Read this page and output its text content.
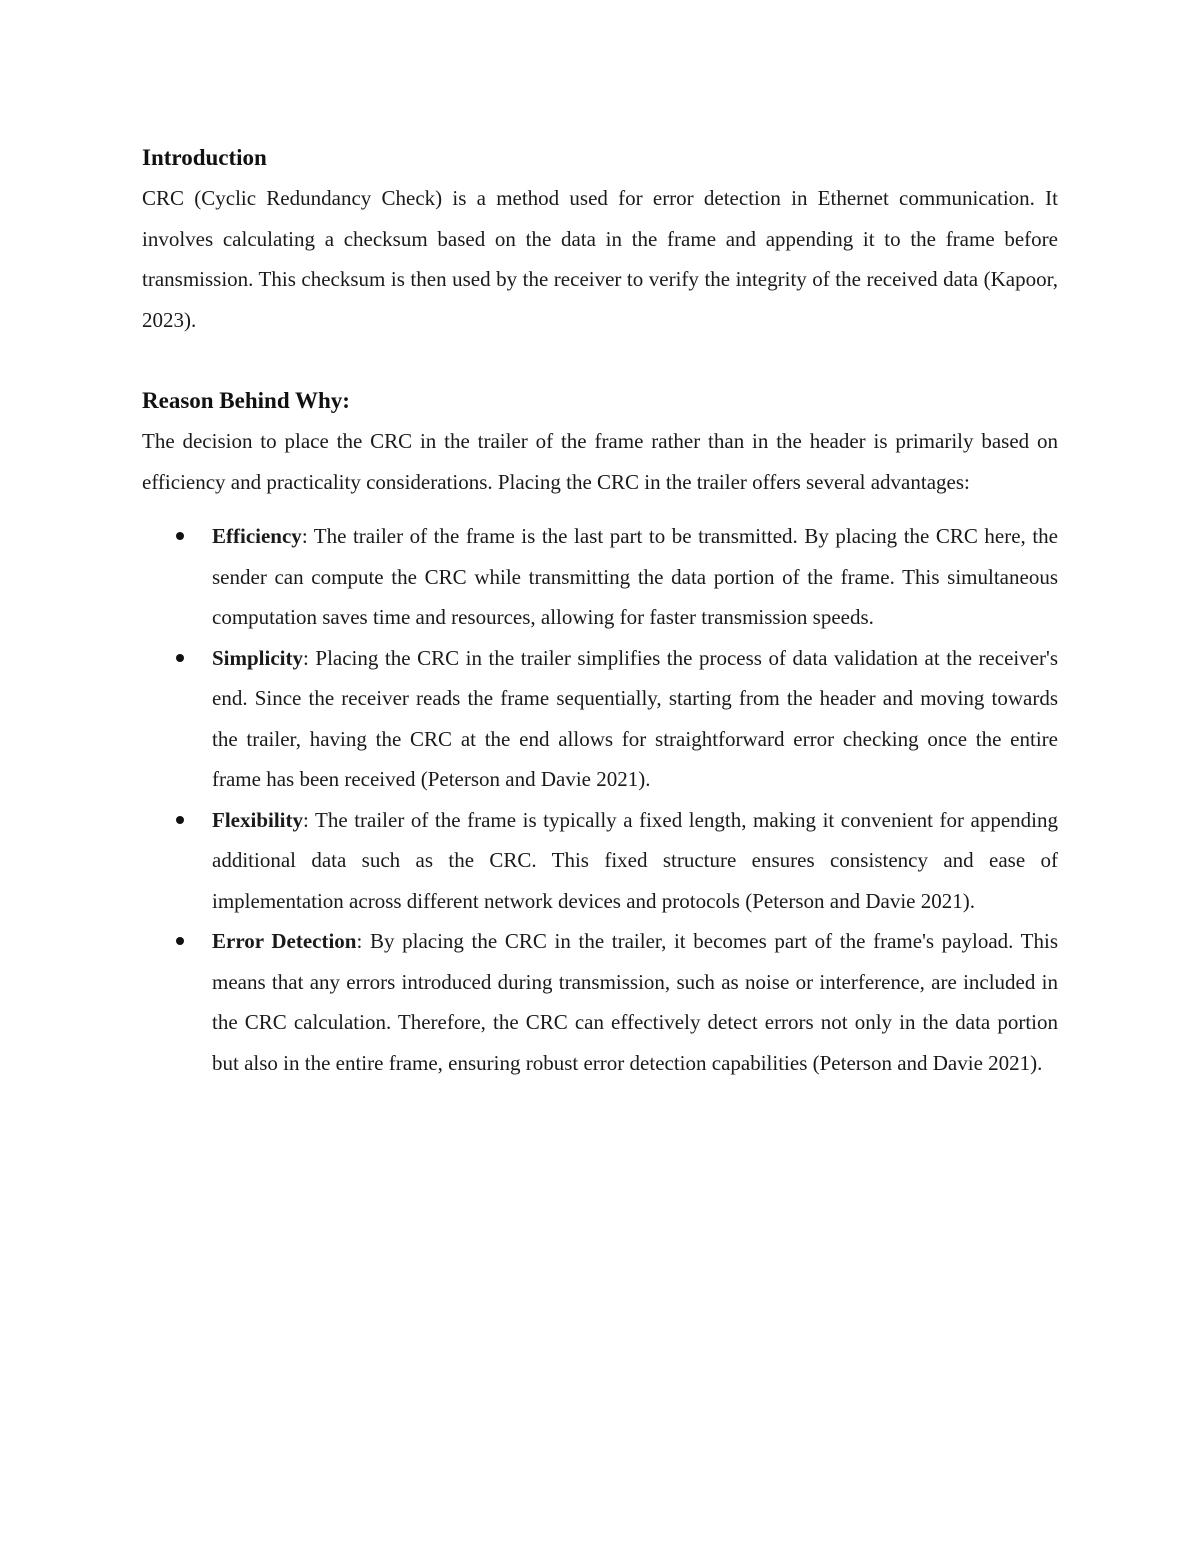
Introduction

CRC (Cyclic Redundancy Check) is a method used for error detection in Ethernet communication. It involves calculating a checksum based on the data in the frame and appending it to the frame before transmission. This checksum is then used by the receiver to verify the integrity of the received data (Kapoor, 2023).

Reason Behind Why:

The decision to place the CRC in the trailer of the frame rather than in the header is primarily based on efficiency and practicality considerations. Placing the CRC in the trailer offers several advantages:

Efficiency: The trailer of the frame is the last part to be transmitted. By placing the CRC here, the sender can compute the CRC while transmitting the data portion of the frame. This simultaneous computation saves time and resources, allowing for faster transmission speeds.
Simplicity: Placing the CRC in the trailer simplifies the process of data validation at the receiver's end. Since the receiver reads the frame sequentially, starting from the header and moving towards the trailer, having the CRC at the end allows for straightforward error checking once the entire frame has been received (Peterson and Davie 2021).
Flexibility: The trailer of the frame is typically a fixed length, making it convenient for appending additional data such as the CRC. This fixed structure ensures consistency and ease of implementation across different network devices and protocols (Peterson and Davie 2021).
Error Detection: By placing the CRC in the trailer, it becomes part of the frame's payload. This means that any errors introduced during transmission, such as noise or interference, are included in the CRC calculation. Therefore, the CRC can effectively detect errors not only in the data portion but also in the entire frame, ensuring robust error detection capabilities (Peterson and Davie 2021).
